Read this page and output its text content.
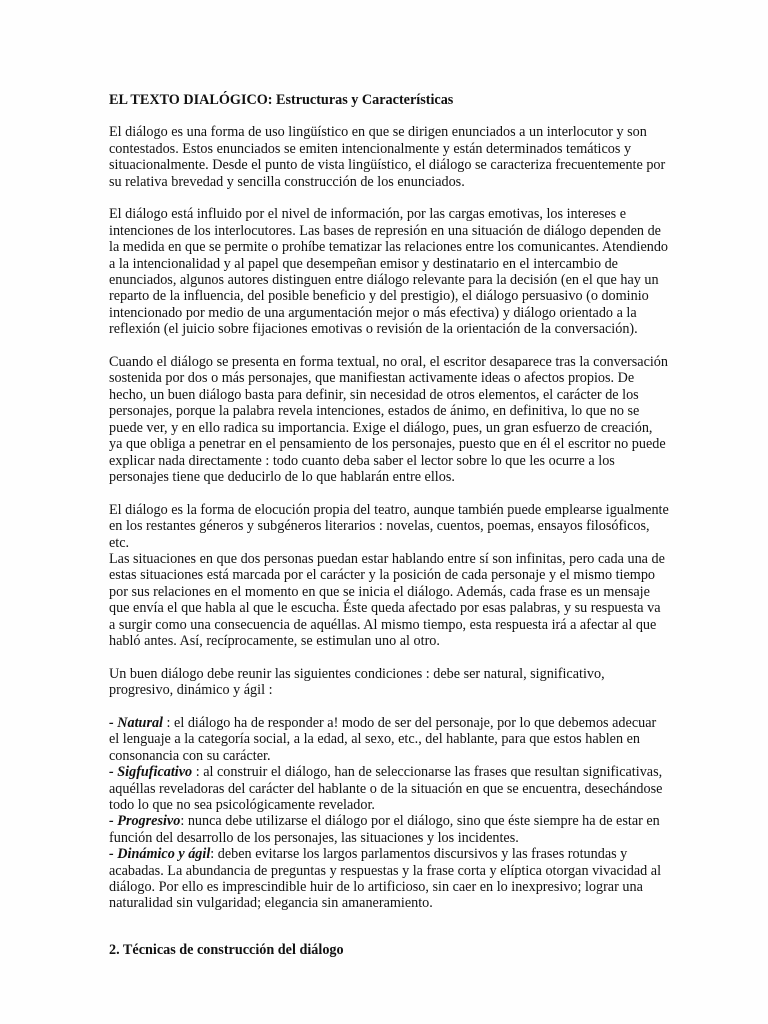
EL TEXTO DIALÓGICO: Estructuras y Características

El diálogo es una forma de uso lingüístico en que se dirigen enunciados a un interlocutor y son contestados. Estos enunciados se emiten intencionalmente y están determinados temáticos y situacionalmente. Desde el punto de vista lingüístico, el diálogo se caracteriza frecuentemente por su relativa brevedad y sencilla construcción de los enunciados.

El diálogo está influido por el nivel de información, por las cargas emotivas, los intereses e intenciones de los interlocutores. Las bases de represión en una situación de diálogo dependen de la medida en que se permite o prohíbe tematizar las relaciones entre los comunicantes. Atendiendo a la intencionalidad y al papel que desempeñan emisor y destinatario en el intercambio de enunciados, algunos autores distinguen entre diálogo relevante para la decisión (en el que hay un reparto de la influencia, del posible beneficio y del prestigio), el diálogo persuasivo (o dominio intencionado por medio de una argumentación mejor o más efectiva) y diálogo orientado a la reflexión (el juicio sobre fijaciones emotivas o revisión de la orientación de la conversación).

Cuando el diálogo se presenta en forma textual, no oral, el escritor desaparece tras la conversación sostenida por dos o más personajes, que manifiestan activamente ideas o afectos propios. De hecho, un buen diálogo basta para definir, sin necesidad de otros elementos, el carácter de los personajes, porque la palabra revela intenciones, estados de ánimo, en definitiva, lo que no se puede ver, y en ello radica su importancia. Exige el diálogo, pues, un gran esfuerzo de creación, ya que obliga a penetrar en el pensamiento de los personajes, puesto que en él el escritor no puede explicar nada directamente : todo cuanto deba saber el lector sobre lo que les ocurre a los personajes tiene que deducirlo de lo que hablarán entre ellos.

El diálogo es la forma de elocución propia del teatro, aunque también puede emplearse igualmente en los restantes géneros y subgéneros literarios : novelas, cuentos, poemas, ensayos filosóficos, etc.

Las situaciones en que dos personas puedan estar hablando entre sí son infinitas, pero cada una de estas situaciones está marcada por el carácter y la posición de cada personaje y el mismo tiempo por sus relaciones en el momento en que se inicia el diálogo. Además, cada frase es un mensaje que envía el que habla al que le escucha. Éste queda afectado por esas palabras, y su respuesta va a surgir como una consecuencia de aquéllas. Al mismo tiempo, esta respuesta irá a afectar al que habló antes. Así, recíprocamente, se estimulan uno al otro.

Un buen diálogo debe reunir las siguientes condiciones : debe ser natural, significativo, progresivo, dinámico y ágil :

- Natural : el diálogo ha de responder a! modo de ser del personaje, por lo que debemos adecuar el lenguaje a la categoría social, a la edad, al sexo, etc., del hablante, para que estos hablen en consonancia con su carácter.

- Sigfuficativo : al construir el diálogo, han de seleccionarse las frases que resultan significativas, aquéllas reveladoras del carácter del hablante o de la situación en que se encuentra, desechándose todo lo que no sea psicológicamente revelador.

- Progresivo: nunca debe utilizarse el diálogo por el diálogo, sino que éste siempre ha de estar en función del desarrollo de los personajes, las situaciones y los incidentes.

- Dinámico y ágil: deben evitarse los largos parlamentos discursivos y las frases rotundas y acabadas. La abundancia de preguntas y respuestas y la frase corta y elíptica otorgan vivacidad al diálogo. Por ello es imprescindible huir de lo artificioso, sin caer en lo inexpresivo; lograr una naturalidad sin vulgaridad; elegancia sin amaneramiento.

2. Técnicas de construcción del diálogo
